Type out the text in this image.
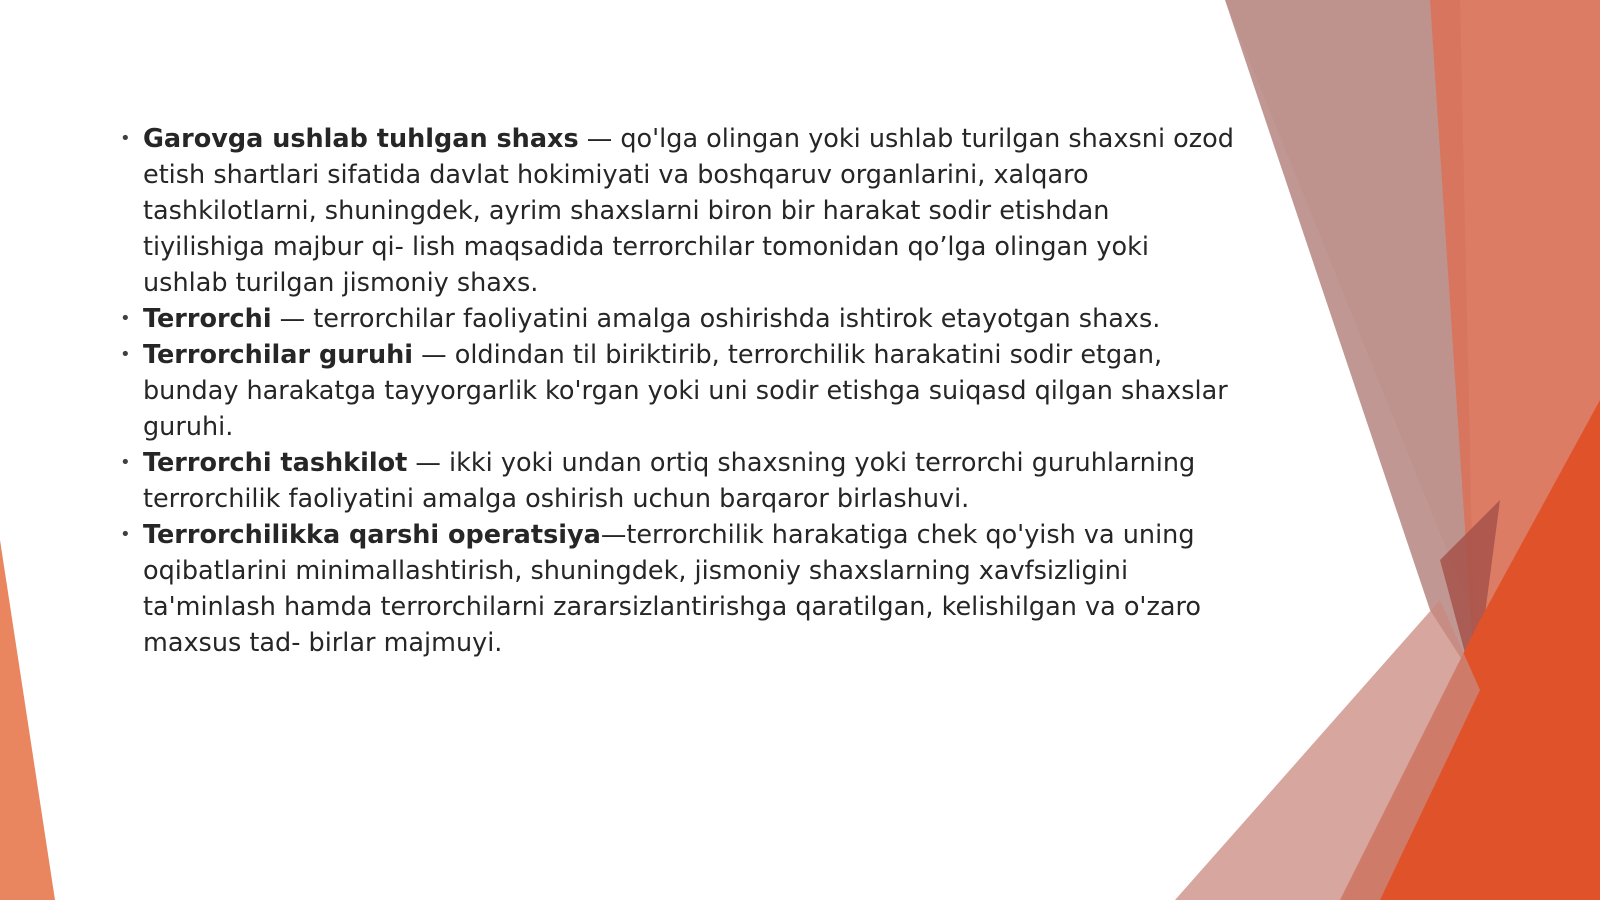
• Garovga ushlab tuhlgan shaxs — qo'lga olingan yoki ushlab turilgan shaxsni ozod etish shartlari sifatida davlat hokimiyati va boshqaruv organlarini, xalqaro tashkilotlarni, shuningdek, ayrim shaxslarni biron bir harakat sodir etishdan tiyilishiga majbur qi- lish maqsadida terrorchilar tomonidan qo’lga olingan yoki ushlab turilgan jismoniy shaxs.
• Terrorchi — terrorchilar faoliyatini amalga oshirishda ishtirok etayotgan shaxs.
• Terrorchilar guruhi — oldindan til biriktirib, terrorchilik harakatini sodir etgan, bunday harakatga tayyorgarlik ko'rgan yoki uni sodir etishga suiqasd qilgan shaxslar guruhi.
• Terrorchi tashkilot — ikki yoki undan ortiq shaxsning yoki terrorchi guruhlarning terrorchilik faoliyatini amalga oshirish uchun barqaror birlashuvi.
• Terrorchilikka qarshi operatsiya—terrorchilik harakatiga chek qo'yish va uning oqibatlarini minimallashtirish, shuningdek, jismoniy shaxslarning xavfsizligini ta'minlash hamda terrorchilarni zararsizlantirishga qaratilgan, kelishilgan va o'zaro maxsus tad- birlar majmuyi.
